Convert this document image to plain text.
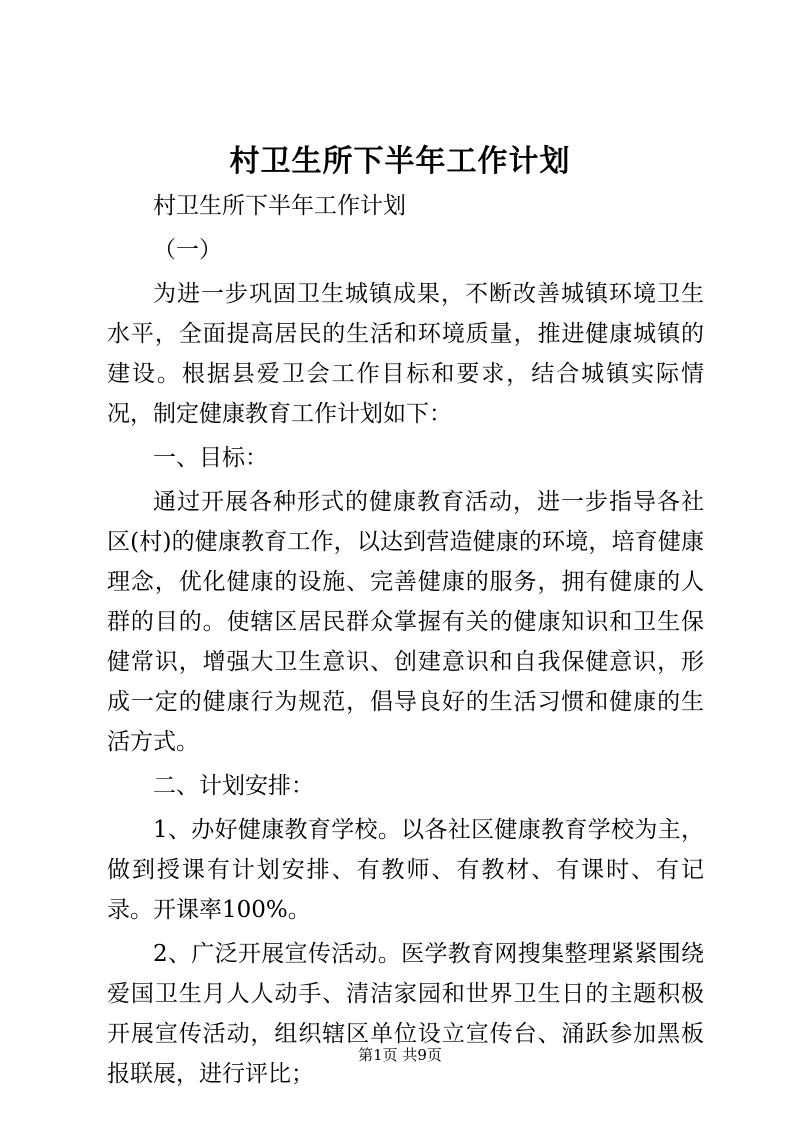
村卫生所下半年工作计划

村卫生所下半年工作计划

（一）

为进一步巩固卫生城镇成果，不断改善城镇环境卫生水平，全面提高居民的生活和环境质量，推进健康城镇的建设。根据县爱卫会工作目标和要求，结合城镇实际情况，制定健康教育工作计划如下：

一、目标：

通过开展各种形式的健康教育活动，进一步指导各社区(村)的健康教育工作，以达到营造健康的环境，培育健康理念，优化健康的设施、完善健康的服务，拥有健康的人群的目的。使辖区居民群众掌握有关的健康知识和卫生保健常识，增强大卫生意识、创建意识和自我保健意识，形成一定的健康行为规范，倡导良好的生活习惯和健康的生活方式。

二、计划安排：

1、办好健康教育学校。以各社区健康教育学校为主，做到授课有计划安排、有教师、有教材、有课时、有记录。开课率100%。

2、广泛开展宣传活动。医学教育网搜集整理紧紧围绕爱国卫生月人人动手、清洁家园和世界卫生日的主题积极开展宣传活动，组织辖区单位设立宣传台、涌跃参加黑板报联展，进行评比；

第1页 共9页
